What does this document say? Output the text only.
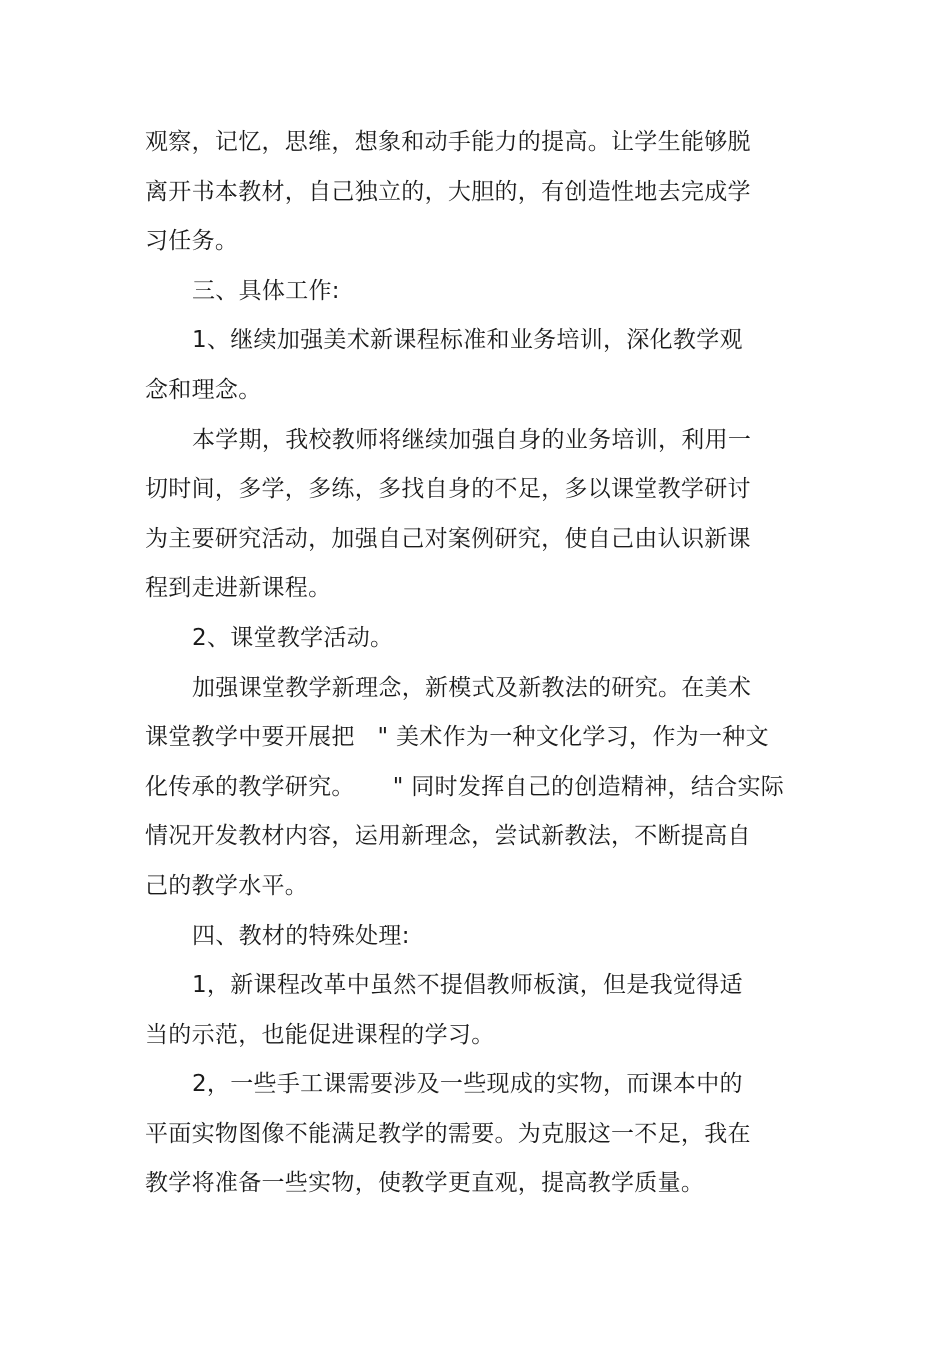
观察，记忆，思维，想象和动手能力的提高。让学生能够脱
离开书本教材，自己独立的，大胆的，有创造性地去完成学
习任务。
三、具体工作:
1、继续加强美术新课程标准和业务培训，深化教学观
念和理念。
本学期，我校教师将继续加强自身的业务培训，利用一
切时间，多学，多练，多找自身的不足，多以课堂教学研讨
为主要研究活动，加强自己对案例研究，使自己由认识新课
程到走进新课程。
2、课堂教学活动。
加强课堂教学新理念，新模式及新教法的研究。在美术
课堂教学中要开展把   " 美术作为一种文化学习，作为一种文
化传承的教学研究。     " 同时发挥自己的创造精神，结合实际
情况开发教材内容，运用新理念，尝试新教法，不断提高自
己的教学水平。
四、教材的特殊处理:
1，新课程改革中虽然不提倡教师板演，但是我觉得适
当的示范，也能促进课程的学习。
2，一些手工课需要涉及一些现成的实物，而课本中的
平面实物图像不能满足教学的需要。为克服这一不足，我在
教学将准备一些实物，使教学更直观，提高教学质量。
